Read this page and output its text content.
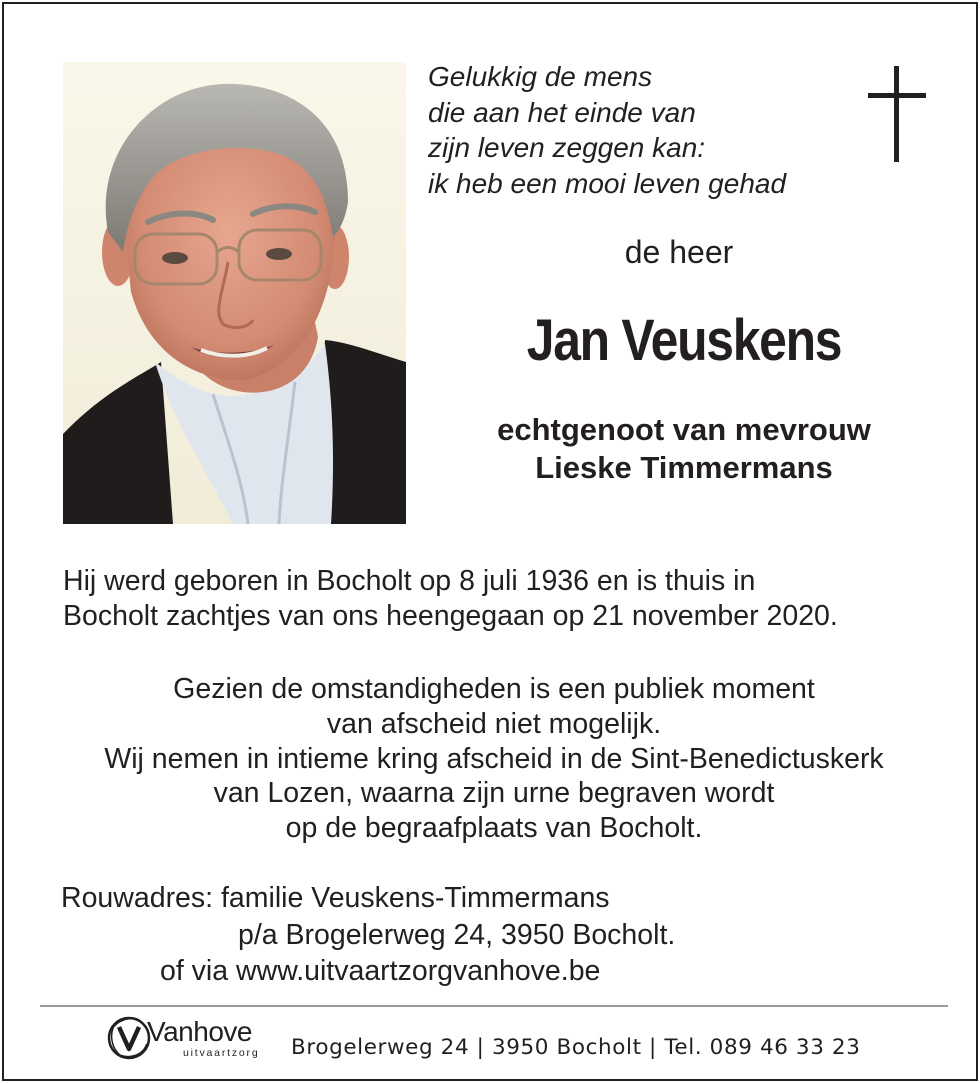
Gelukkig de mens
die aan het einde van
zijn leven zeggen kan:
ik heb een mooi leven gehad
de heer
Jan Veuskens
echtgenoot van mevrouw
Lieske Timmermans
Hij werd geboren in Bocholt op 8 juli 1936 en is thuis in
Bocholt zachtjes van ons heengegaan op 21 november 2020.
Gezien de omstandigheden is een publiek moment
van afscheid niet mogelijk.
Wij nemen in intieme kring afscheid in de Sint-Benedictuskerk
van Lozen, waarna zijn urne begraven wordt
op de begraafplaats van Bocholt.
Rouwadres: familie Veuskens-Timmermans
p/a Brogelerweg 24, 3950 Bocholt.
of via www.uitvaartzorgvanhove.be
Vanhove
uitvaartzorg Brogelerweg 24 | 3950 Bocholt | Tel. 089 46 33 23
